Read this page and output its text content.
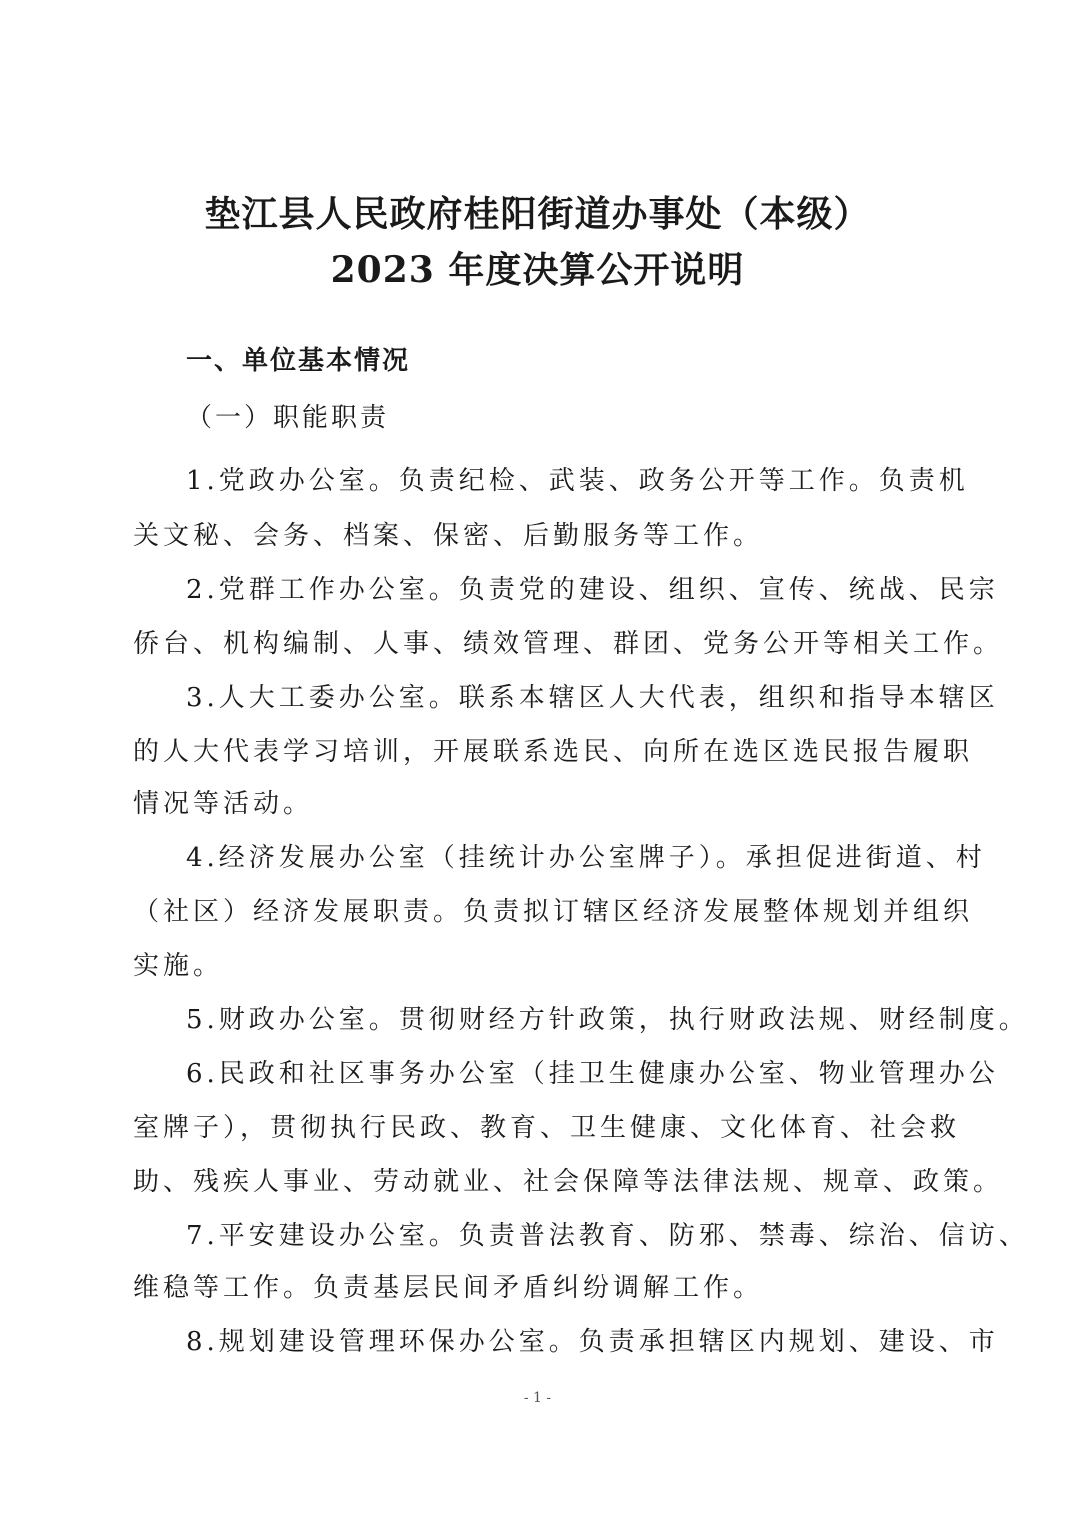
垫江县人民政府桂阳街道办事处（本级）
2023 年度决算公开说明
一、单位基本情况
（一）职能职责
1.党政办公室。负责纪检、武装、政务公开等工作。负责机
关文秘、会务、档案、保密、后勤服务等工作。
2.党群工作办公室。负责党的建设、组织、宣传、统战、民宗
侨台、机构编制、人事、绩效管理、群团、党务公开等相关工作。
3.人大工委办公室。联系本辖区人大代表，组织和指导本辖区
的人大代表学习培训，开展联系选民、向所在选区选民报告履职
情况等活动。
4.经济发展办公室（挂统计办公室牌子）。承担促进街道、村
（社区）经济发展职责。负责拟订辖区经济发展整体规划并组织
实施。
5.财政办公室。贯彻财经方针政策，执行财政法规、财经制度。
6.民政和社区事务办公室（挂卫生健康办公室、物业管理办公
室牌子），贯彻执行民政、教育、卫生健康、文化体育、社会救
助、残疾人事业、劳动就业、社会保障等法律法规、规章、政策。
7.平安建设办公室。负责普法教育、防邪、禁毒、综治、信访、
维稳等工作。负责基层民间矛盾纠纷调解工作。
8.规划建设管理环保办公室。负责承担辖区内规划、建设、市
- 1 -
